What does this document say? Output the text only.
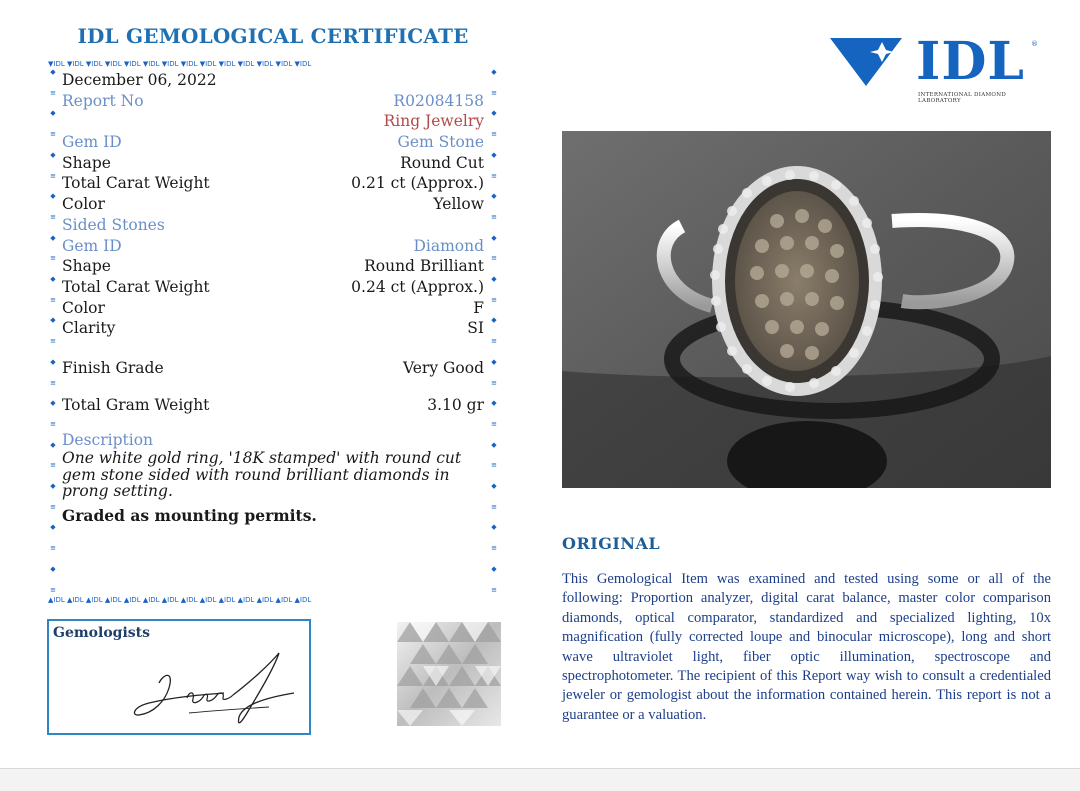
IDL GEMOLOGICAL CERTIFICATE
▼IDL ▼IDL ▼IDL ▼IDL ▼IDL ▼IDL ▼IDL ▼IDL ▼IDL ▼IDL ▼IDL ▼IDL ▼IDL ▼IDL
▲IDL ▲IDL ▲IDL ▲IDL ▲IDL ▲IDL ▲IDL ▲IDL ▲IDL ▲IDL ▲IDL ▲IDL ▲IDL ▲IDL
◆
≡
◆
≡
◆
≡
◆
≡
◆
≡
◆
≡
◆
≡
◆
≡
◆
≡
◆
≡
◆
≡
◆
≡
◆
≡
◆
≡
◆
≡
◆
≡
◆
≡
◆
≡
◆
≡
◆
≡
◆
≡
◆
≡
◆
≡
◆
≡
◆
≡
◆
≡
December 06, 2022
Report No	R02084158
Ring Jewelry
Gem ID	Gem Stone
Shape	Round Cut
Total Carat Weight	0.21 ct (Approx.)
Color	Yellow
Sided Stones
Gem ID	Diamond
Shape	Round Brilliant
Total Carat Weight	0.24 ct (Approx.)
Color	F
Clarity	SI
Finish Grade	Very Good
Total Gram Weight	3.10 gr
Description
One white gold ring, '18K stamped' with round cut gem stone sided with round brilliant diamonds in prong setting.
Graded as mounting permits.
Gemologists
IDL ®
INTERNATIONAL DIAMOND LABORATORY
ORIGINAL
This Gemological Item was examined and tested using some or all of the following: Proportion analyzer, digital carat balance, master color comparison diamonds, optical comparator, standardized and specialized lighting, 10x magnification (fully corrected loupe and binocular microscope), long and short wave ultraviolet light, fiber optic illumination, spectroscope and spectrophotometer. The recipient of this Report way wish to consult a credentialed jeweler or gemologist about the information contained herein. This report is not a guarantee or a valuation.
